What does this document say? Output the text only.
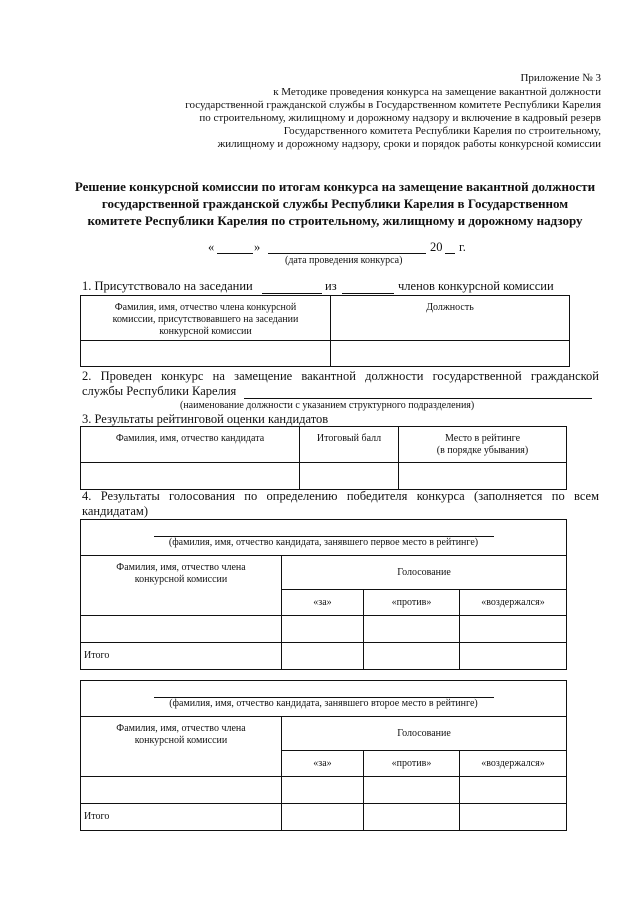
Приложение № 3
к Методике проведения конкурса на замещение вакантной должности
государственной гражданской службы в Государственном комитете Республики Карелия
по строительному, жилищному и дорожному надзору и включение в кадровый резерв
Государственного комитета Республики Карелия по строительному,
жилищному и дорожному надзору, сроки и порядок работы конкурсной комиссии
Решение конкурсной комиссии по итогам конкурса на замещение вакантной должности
государственной гражданской службы Республики Карелия в Государственном
комитете Республики Карелия по строительному, жилищному и дорожному надзору
«	»	20 г.
(дата проведения конкурса)
1. Присутствовало на заседании	из	членов конкурсной комиссии
Фамилия, имя, отчество члена конкурсной комиссии, присутствовавшего на заседании конкурсной комиссии	Должность

2. Проведен конкурс на замещение вакантной должности государственной гражданской
службы Республики Карелия
(наименование должности с указанием структурного подразделения)
3. Результаты рейтинговой оценки кандидатов
Фамилия, имя, отчество кандидата	Итоговый балл	Место в рейтинге
(в порядке убывания)

4. Результаты голосования по определению победителя конкурса (заполняется по всем
кандидатам)
(фамилия, имя, отчество кандидата, занявшего первое место в рейтинге)			

Фамилия, имя, отчество члена
конкурсной комиссии	Голосование		
	«за»	«против»	«воздержался»

Итого			
(фамилия, имя, отчество кандидата, занявшего второе место в рейтинге)			

Фамилия, имя, отчество члена
конкурсной комиссии	Голосование		
	«за»	«против»	«воздержался»

Итого			
